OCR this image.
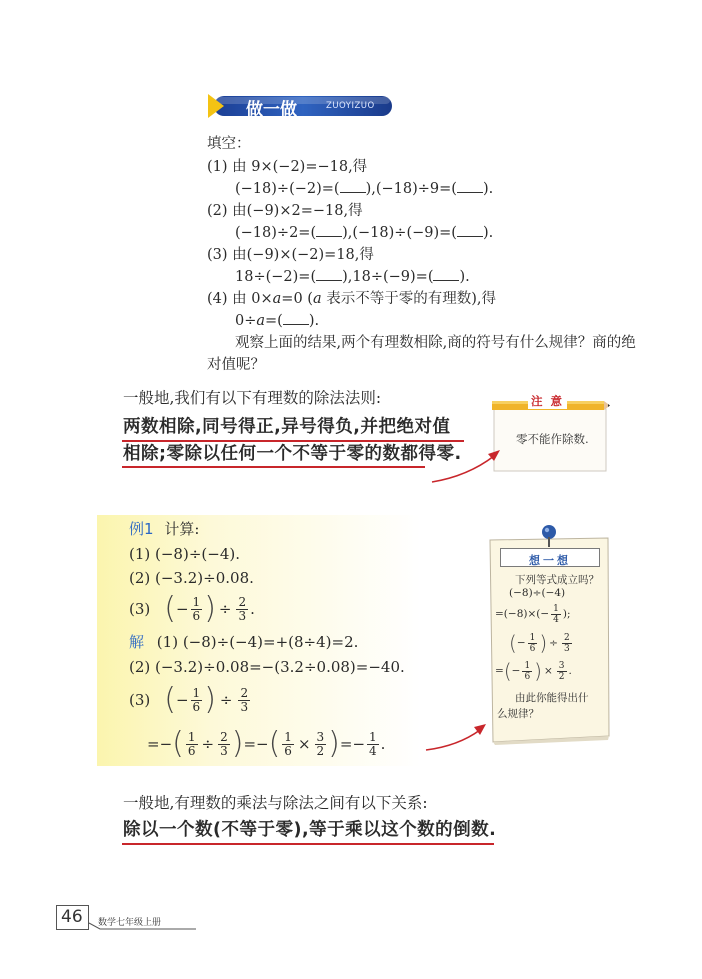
做一做	ZUOYIZUO
填空：
(1) 由 9×(−2)=−18,得
(−18)÷(−2)=( ),(−18)÷9=( ).
(2) 由(−9)×2=−18,得
(−18)÷2=( ),(−18)÷(−9)=( ).
(3) 由(−9)×(−2)=18,得
18÷(−2)=( ),18÷(−9)=( ).
(4) 由 0×a=0 (a 表示不等于零的有理数),得
0÷a=( ).
观察上面的结果,两个有理数相除,商的符号有什么规律？商的绝
对值呢？
一般地,我们有以下有理数的除法法则:
两数相除,同号得正,异号得负,并把绝对值
相除;零除以任何一个不等于零的数都得零.
注 意
零不能作除数.
例1 计算:
(1) (−8)÷(−4).
(2) (−3.2)÷0.08.
(3) ( − $\frac{1}{6}$ ) ÷ $\frac{2}{3}$ .
解 (1) (−8)÷(−4)=+(8÷4)=2.
(2) (−3.2)÷0.08=−(3.2÷0.08)=−40.
(3) ( − $\frac{1}{6}$ ) ÷ $\frac{2}{3}$
=− ( $\frac{1}{6} \div \frac{2}{3}$ ) =− ( $\frac{1}{6} \times \frac{3}{2}$ ) =− $\frac{1}{4}$ .
想一想
下列等式成立吗？
(−8)÷(−4)
$=(-8)\times(- \frac{1}{4}$ );
( − $\frac{1}{6}$ ) ÷ $\frac{2}{3}$
= ( − $\frac{1}{6}$ ) × $\frac{3}{2}$ .
由此你能得出什
么规律？
一般地,有理数的乘法与除法之间有以下关系:
除以一个数(不等于零),等于乘以这个数的倒数.
46 数学七年级上册
